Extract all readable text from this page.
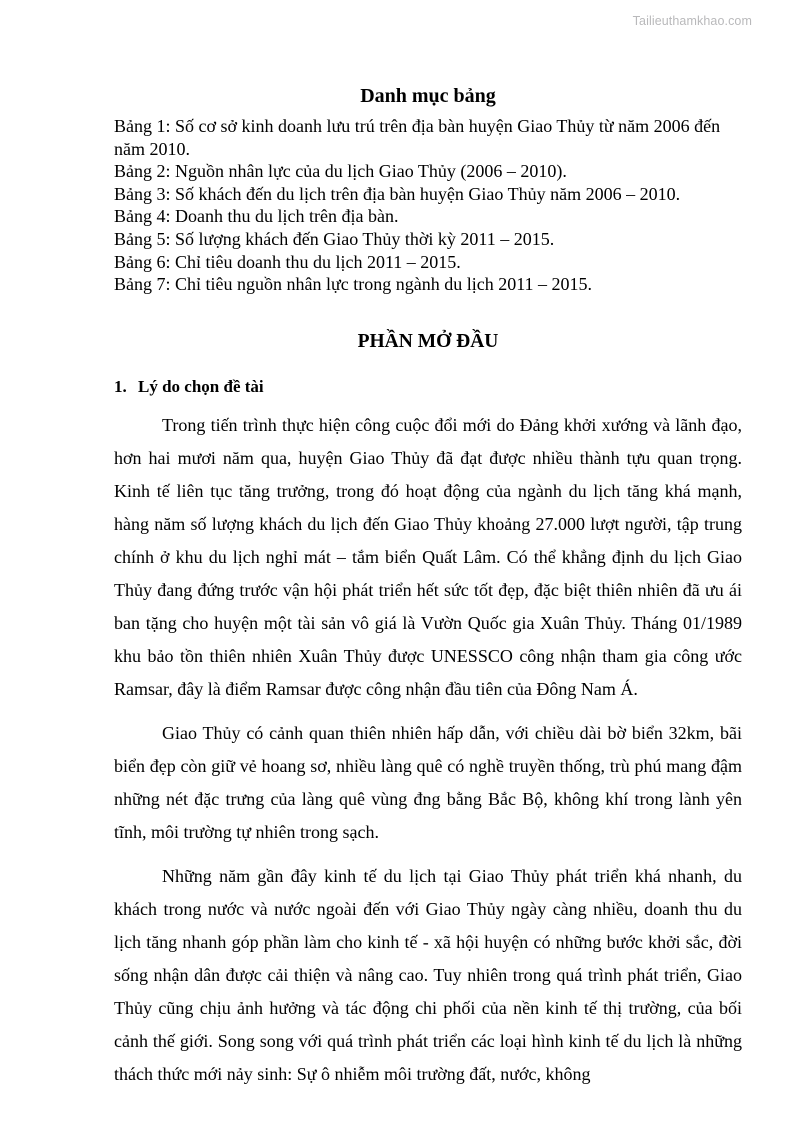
Tailieuthamkhao.com
Danh mục bảng
Bảng 1: Số cơ sở kinh doanh lưu trú trên địa bàn huyện Giao Thủy từ năm 2006 đến năm 2010.
Bảng 2: Nguồn nhân lực của du lịch Giao Thủy (2006 – 2010).
Bảng 3: Số khách đến du lịch trên địa bàn huyện Giao Thủy năm 2006 – 2010.
Bảng 4: Doanh thu du lịch trên địa bàn.
Bảng 5: Số lượng khách đến Giao Thủy thời kỳ 2011 – 2015.
Bảng 6: Chỉ tiêu doanh thu du lịch 2011 – 2015.
Bảng 7: Chỉ tiêu nguồn nhân lực trong ngành du lịch 2011 – 2015.
PHẦN MỞ ĐẦU
1. Lý do chọn đề tài

Trong tiến trình thực hiện công cuộc đổi mới do Đảng khởi xướng và lãnh đạo, hơn hai mươi năm qua, huyện Giao Thủy đã đạt được nhiều thành tựu quan trọng. Kinh tế liên tục tăng trưởng, trong đó hoạt động của ngành du lịch tăng khá mạnh, hàng năm số lượng khách du lịch đến Giao Thủy khoảng 27.000 lượt người, tập trung chính ở khu du lịch nghỉ mát – tắm biển Quất Lâm. Có thể khẳng định du lịch Giao Thủy đang đứng trước vận hội phát triển hết sức tốt đẹp, đặc biệt thiên nhiên đã ưu ái ban tặng cho huyện một tài sản vô giá là Vườn Quốc gia Xuân Thủy. Tháng 01/1989 khu bảo tồn thiên nhiên Xuân Thủy được UNESSCO công nhận tham gia công ước Ramsar, đây là điểm Ramsar được công nhận đầu tiên của Đông Nam Á.

Giao Thủy có cảnh quan thiên nhiên hấp dẫn, với chiều dài bờ biển 32km, bãi biển đẹp còn giữ vẻ hoang sơ, nhiều làng quê có nghề truyền thống, trù phú mang đậm những nét đặc trưng của làng quê vùng đng bằng Bắc Bộ, không khí trong lành yên tĩnh, môi trường tự nhiên trong sạch.

Những năm gần đây kinh tế du lịch tại Giao Thủy phát triển khá nhanh, du khách trong nước và nước ngoài đến với Giao Thủy ngày càng nhiều, doanh thu du lịch tăng nhanh góp phần làm cho kinh tế - xã hội huyện có những bước khởi sắc, đời sống nhận dân được cải thiện và nâng cao. Tuy nhiên trong quá trình phát triển, Giao Thủy cũng chịu ảnh hưởng và tác động chi phối của nền kinh tế thị trường, của bối cảnh thế giới. Song song với quá trình phát triển các loại hình kinh tế du lịch là những thách thức mới nảy sinh: Sự ô nhiễm môi trường đất, nước, không
